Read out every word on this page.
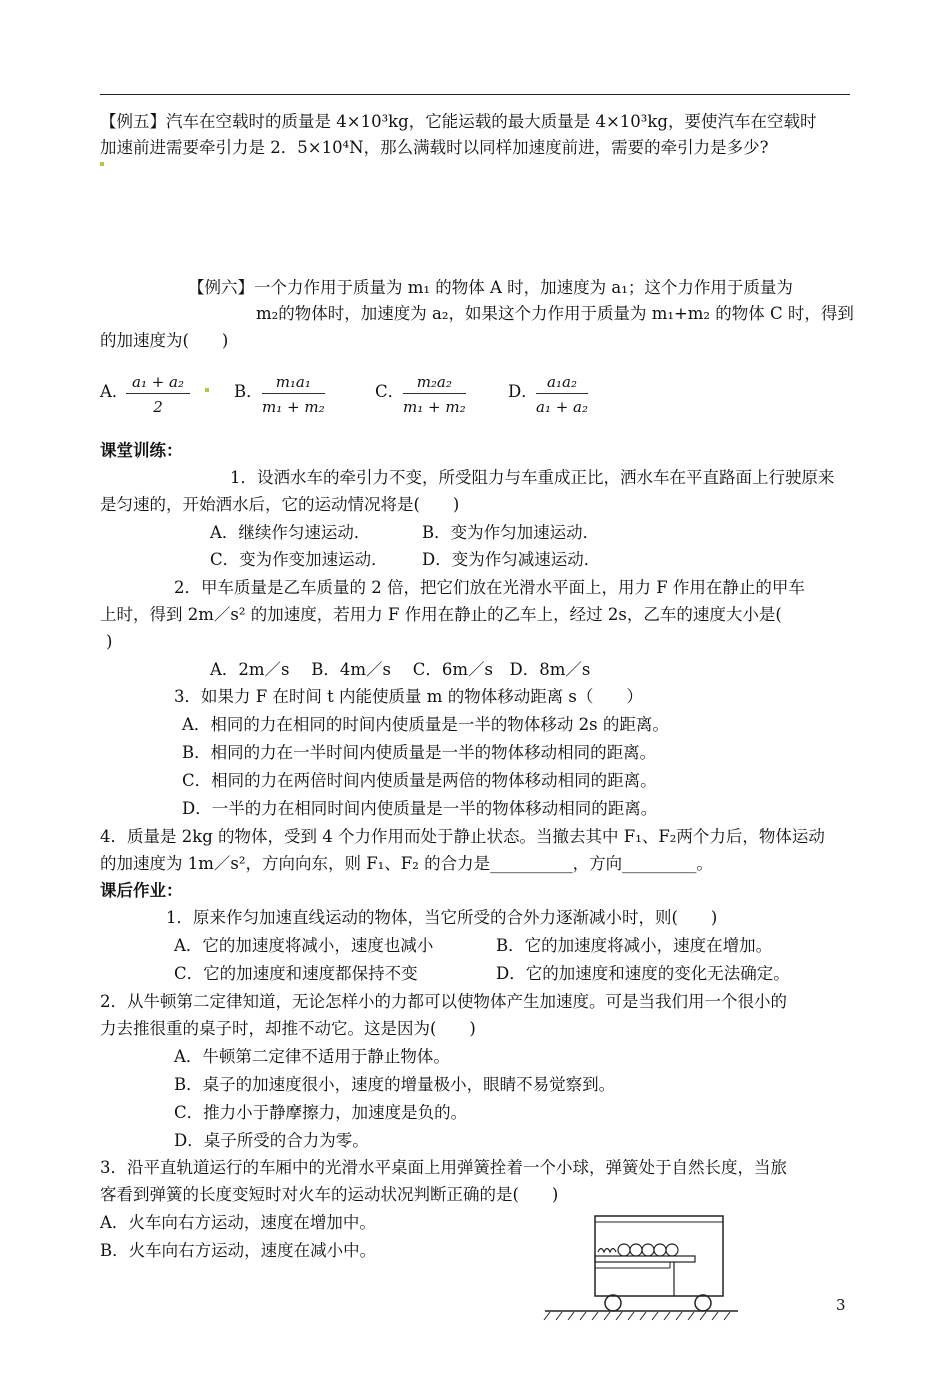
【例五】汽车在空载时的质量是 4×10³kg，它能运载的最大质量是 4×10³kg，要使汽车在空载时
加速前进需要牵引力是 2．5×10⁴N，那么满载时以同样加速度前进，需要的牵引力是多少?
【例六】一个力作用于质量为 m₁ 的物体 A 时，加速度为 a₁；这个力作用于质量为
m₂的物体时，加速度为 a₂，如果这个力作用于质量为 m₁+m₂ 的物体 C 时，得到
的加速度为(　　)
A．
$\frac{\text{a₁ + a₂}}{2}$	B． $\frac{\text{m₁a₁}}{\text{m₁ + m₂}}$	C．
$\frac{\text{m₂a₂}}{\text{m₁ + m₂}}$	D．
$\frac{\text{a₁a₂}}{\text{a₁ + a₂}}$
课堂训练：
1．设洒水车的牵引力不变，所受阻力与车重成正比，洒水车在平直路面上行驶原来
是匀速的，开始洒水后，它的运动情况将是(　　)
A．继续作匀速运动．	B．变为作匀加速运动．
C．变为作变加速运动． D．变为作匀减速运动．
2．甲车质量是乙车质量的 2 倍，把它们放在光滑水平面上，用力 F 作用在静止的甲车
上时，得到 2m／s² 的加速度，若用力 F 作用在静止的乙车上，经过 2s，乙车的速度大小是(
)
A．2m／s　 B．4m／s　 C．6m／s　D．8m／s
3．如果力 F 在时间 t 内能使质量 m 的物体移动距离 s（　　）
A．相同的力在相同的时间内使质量是一半的物体移动 2s 的距离。
B．相同的力在一半时间内使质量是一半的物体移动相同的距离。
C．相同的力在两倍时间内使质量是两倍的物体移动相同的距离。
D．一半的力在相同时间内使质量是一半的物体移动相同的距离。
4．质量是 2kg 的物体，受到 4 个力作用而处于静止状态。当撤去其中 F₁、F₂两个力后，物体运动
的加速度为 1m／s²，方向向东，则 F₁、F₂ 的合力是__________，方向_________。
课后作业：
1．原来作匀加速直线运动的物体，当它所受的合外力逐渐减小时，则(　　)
A．它的加速度将减小，速度也减小	B．它的加速度将减小，速度在增加。
C．它的加速度和速度都保持不变	D．它的加速度和速度的变化无法确定。
2．从牛顿第二定律知道，无论怎样小的力都可以使物体产生加速度。可是当我们用一个很小的
力去推很重的桌子时，却推不动它。这是因为(　　)
A．牛顿第二定律不适用于静止物体。
B．桌子的加速度很小，速度的增量极小，眼睛不易觉察到。
C．推力小于静摩擦力，加速度是负的。
D．桌子所受的合力为零。
3．沿平直轨道运行的车厢中的光滑水平桌面上用弹簧拴着一个小球，弹簧处于自然长度，当旅
客看到弹簧的长度变短时对火车的运动状况判断正确的是(　　)
A．火车向右方运动，速度在增加中。
B．火车向右方运动，速度在减小中。
3
